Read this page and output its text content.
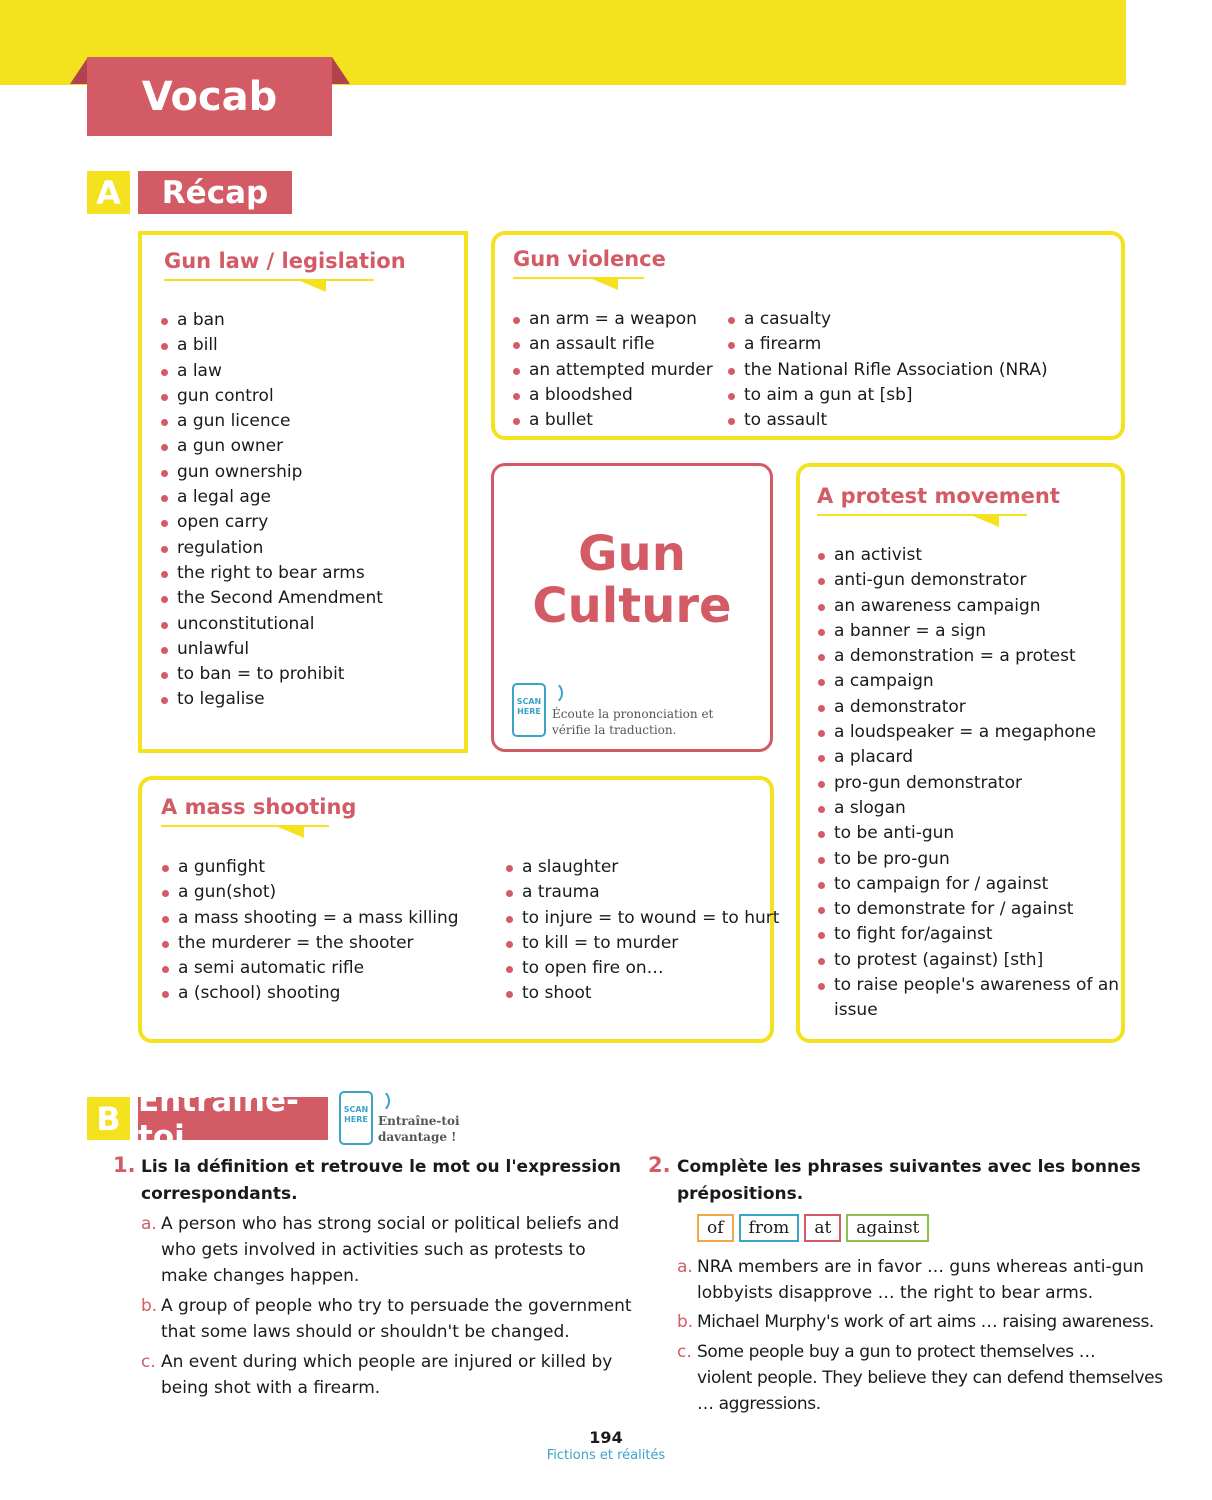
Vocab
A	Récap
Gun law / legislation
a ban
a bill
a law
gun control
a gun licence
a gun owner
gun ownership
a legal age
open carry
regulation
the right to bear arms
the Second Amendment
unconstitutional
unlawful
to ban = to prohibit
to legalise
Gun violence
an arm = a weapon
an assault rifle
an attempted murder
a bloodshed
a bullet
a casualty
a firearm
the National Rifle Association (NRA)
to aim a gun at [sb]
to assault
Gun
Culture
SCAN HERE Écoute la prononciation et
vérifie la traduction.
A protest movement
an activist
anti-gun demonstrator
an awareness campaign
a banner = a sign
a demonstration = a protest
a campaign
a demonstrator
a loudspeaker = a megaphone
a placard
pro-gun demonstrator
a slogan
to be anti-gun
to be pro-gun
to campaign for / against
to demonstrate for / against
to fight for/against
to protest (against) [sth]
to raise people's awareness of an
issue
A mass shooting
a gunfight
a gun(shot)
a mass shooting = a mass killing
the murderer = the shooter
a semi automatic rifle
a (school) shooting
a slaughter
a trauma
to injure = to wound = to hurt
to kill = to murder
to open fire on…
to shoot
B Entraîne-toi
SCAN HERE Entraîne-toi
davantage !
1. Lis la définition et retrouve le mot ou l'expression
correspondants.
a. A person who has strong social or political beliefs and
who gets involved in activities such as protests to
make changes happen.
b. A group of people who try to persuade the government
that some laws should or shouldn't be changed.
c. An event during which people are injured or killed by
being shot with a firearm.
2. Complète les phrases suivantes avec les bonnes
prépositions.
of from at against
a. NRA members are in favor … guns whereas anti-gun
lobbyists disapprove … the right to bear arms.
b. Michael Murphy's work of art aims … raising awareness.
c. Some people buy a gun to protect themselves …
violent people. They believe they can defend themselves
… aggressions.
194
Fictions et réalités
